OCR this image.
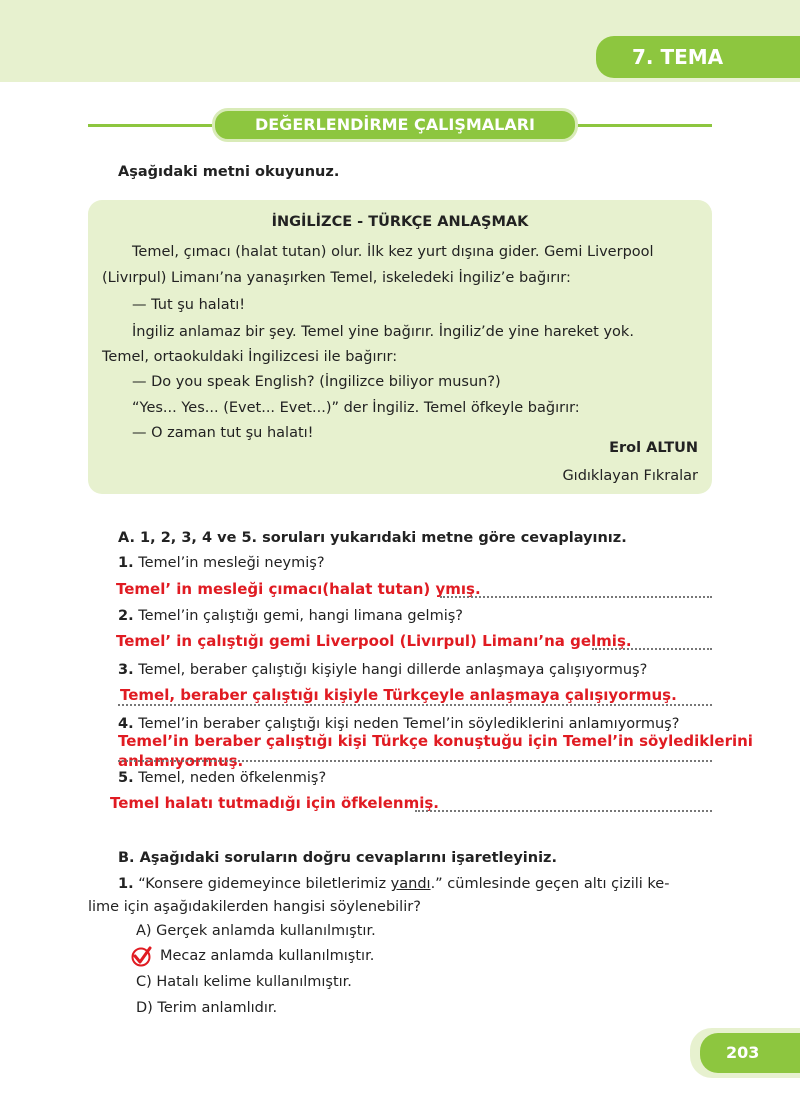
7. TEMA
DEĞERLENDİRME ÇALIŞMALARI
Aşağıdaki metni okuyunuz.
İNGİLİZCE - TÜRKÇE ANLAŞMAK
Temel, çımacı (halat tutan) olur. İlk kez yurt dışına gider. Gemi Liverpool
(Livırpul) Limanı’na yanaşırken Temel, iskeledeki İngiliz’e bağırır:
— Tut şu halatı!
İngiliz anlamaz bir şey. Temel yine bağırır. İngiliz’de yine hareket yok.
Temel, ortaokuldaki İngilizcesi ile bağırır:
— Do you speak English? (İngilizce biliyor musun?)
“Yes... Yes... (Evet... Evet...)” der İngiliz. Temel öfkeyle bağırır:
— O zaman tut şu halatı!
Erol ALTUN
Gıdıklayan Fıkralar
A. 1, 2, 3, 4 ve 5. soruları yukarıdaki metne göre cevaplayınız.
1. Temel’in mesleği neymiş?
Temel’ in mesleği çımacı(halat tutan) ymış.
2. Temel’in çalıştığı gemi, hangi limana gelmiş?
Temel’ in çalıştığı gemi Liverpool (Livırpul) Limanı’na gelmiş.
3. Temel, beraber çalıştığı kişiyle hangi dillerde anlaşmaya çalışıyormuş?
Temel, beraber çalıştığı kişiyle Türkçeyle anlaşmaya çalışıyormuş.
4. Temel’in beraber çalıştığı kişi neden Temel’in söylediklerini anlamıyormuş?
Temel’in beraber çalıştığı kişi Türkçe konuştuğu için Temel’in söylediklerini
anlamıyormuş.
5. Temel, neden öfkelenmiş?
Temel halatı tutmadığı için öfkelenmiş.
B. Aşağıdaki soruların doğru cevaplarını işaretleyiniz.
1. “Konsere gidemeyince biletlerimiz yandı.” cümlesinde geçen altı çizili ke-
lime için aşağıdakilerden hangisi söylenebilir?
A) Gerçek anlamda kullanılmıştır.
Mecaz anlamda kullanılmıştır.
C) Hatalı kelime kullanılmıştır.
D) Terim anlamlıdır.
203
